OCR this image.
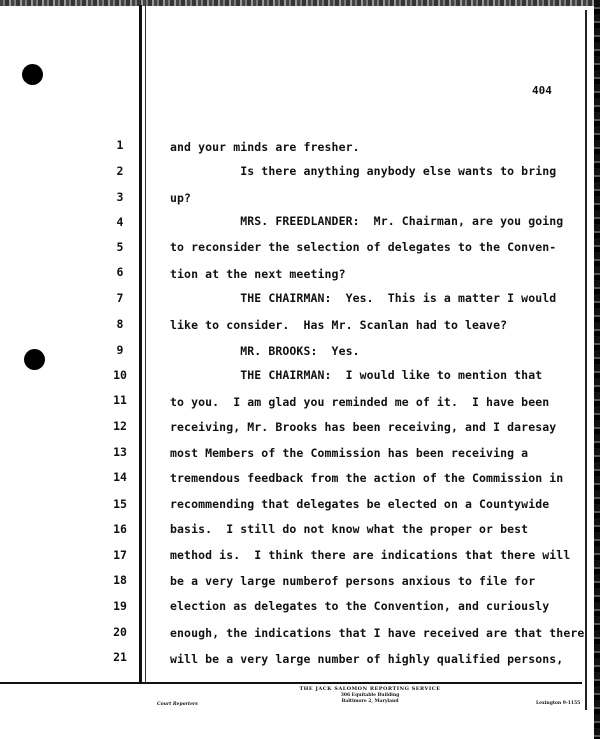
404
1
2
3
4
5
6
7
8
9
10
11
12
13
14
15
16
17
18
19
20
21
and your minds are fresher.
Is there anything anybody else wants to bring
up?
MRS. FREEDLANDER:  Mr. Chairman, are you going
to reconsider the selection of delegates to the Conven-
tion at the next meeting?
THE CHAIRMAN:  Yes.  This is a matter I would
like to consider.  Has Mr. Scanlan had to leave?
MR. BROOKS:  Yes.
THE CHAIRMAN:  I would like to mention that
to you.  I am glad you reminded me of it.  I have been
receiving, Mr. Brooks has been receiving, and I daresay
most Members of the Commission has been receiving a
tremendous feedback from the action of the Commission in
recommending that delegates be elected on a Countywide
basis.  I still do not know what the proper or best
method is.  I think there are indications that there will
be a very large numberof persons anxious to file for
election as delegates to the Convention, and curiously
enough, the indications that I have received are that there
will be a very large number of highly qualified persons,
THE JACK SALOMON REPORTING SERVICE
306 Equitable Building
Baltimore 2, Maryland
Court Reporters	Lexington 9-1155
